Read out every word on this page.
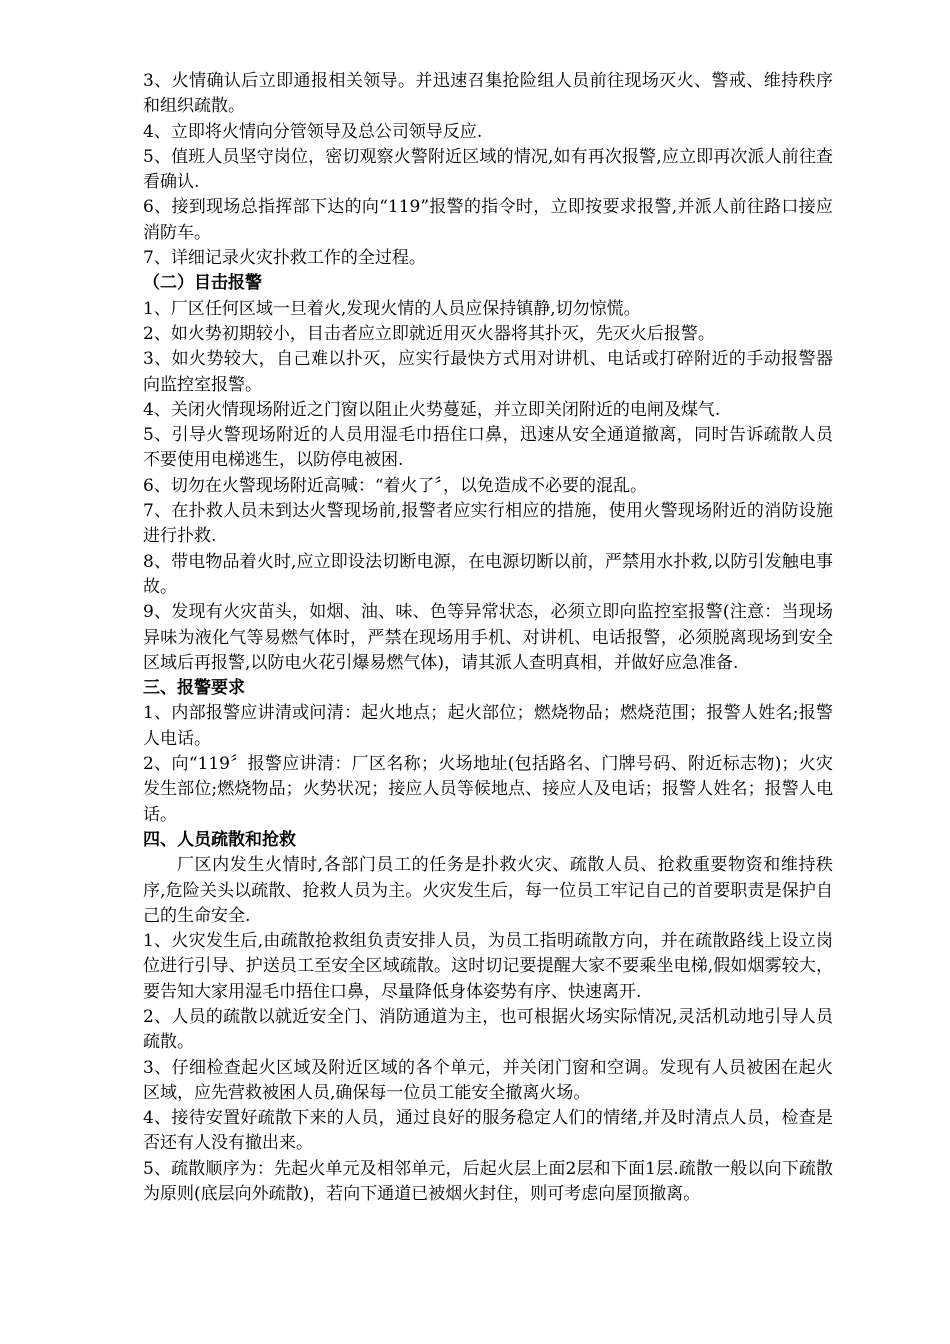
3、火情确认后立即通报相关领导。并迅速召集抢险组人员前往现场灭火、警戒、维持秩序和组织疏散。

4、立即将火情向分管领导及总公司领导反应.

5、值班人员坚守岗位，密切观察火警附近区域的情况,如有再次报警,应立即再次派人前往查看确认.

6、接到现场总指挥部下达的向“119”报警的指令时，立即按要求报警,并派人前往路口接应消防车。

7、详细记录火灾扑救工作的全过程。

（二）目击报警

1、厂区任何区域一旦着火,发现火情的人员应保持镇静,切勿惊慌。

2、如火势初期较小，目击者应立即就近用灭火器将其扑灭，先灭火后报警。

3、如火势较大，自己难以扑灭，应实行最快方式用对讲机、电话或打碎附近的手动报警器向监控室报警。

4、关闭火情现场附近之门窗以阻止火势蔓延，并立即关闭附近的电闸及煤气.

5、引导火警现场附近的人员用湿毛巾捂住口鼻，迅速从安全通道撤离，同时告诉疏散人员不要使用电梯逃生，以防停电被困.

6、切勿在火警现场附近高喊：“着火了〞，以免造成不必要的混乱。

7、在扑救人员未到达火警现场前,报警者应实行相应的措施，使用火警现场附近的消防设施进行扑救.

8、带电物品着火时,应立即设法切断电源，在电源切断以前，严禁用水扑救,以防引发触电事故。

9、发现有火灾苗头，如烟、油、味、色等异常状态，必须立即向监控室报警(注意：当现场异味为液化气等易燃气体时，严禁在现场用手机、对讲机、电话报警，必须脱离现场到安全区域后再报警,以防电火花引爆易燃气体)，请其派人查明真相，并做好应急准备.

三、报警要求

1、内部报警应讲清或问清：起火地点；起火部位；燃烧物品；燃烧范围；报警人姓名;报警人电话。

2、向“119〞报警应讲清：厂区名称；火场地址(包括路名、门牌号码、附近标志物)；火灾发生部位;燃烧物品；火势状况；接应人员等候地点、接应人及电话；报警人姓名；报警人电话。

四、人员疏散和抢救

厂区内发生火情时,各部门员工的任务是扑救火灾、疏散人员、抢救重要物资和维持秩序,危险关头以疏散、抢救人员为主。火灾发生后，每一位员工牢记自己的首要职责是保护自己的生命安全.

1、火灾发生后,由疏散抢救组负责安排人员，为员工指明疏散方向，并在疏散路线上设立岗位进行引导、护送员工至安全区域疏散。这时切记要提醒大家不要乘坐电梯,假如烟雾较大，要告知大家用湿毛巾捂住口鼻，尽量降低身体姿势有序、快速离开.

2、人员的疏散以就近安全门、消防通道为主，也可根据火场实际情况,灵活机动地引导人员疏散。

3、仔细检查起火区域及附近区域的各个单元，并关闭门窗和空调。发现有人员被困在起火区域，应先营救被困人员,确保每一位员工能安全撤离火场。

4、接待安置好疏散下来的人员，通过良好的服务稳定人们的情绪,并及时清点人员，检查是否还有人没有撤出来。

5、疏散顺序为：先起火单元及相邻单元，后起火层上面2层和下面1层.疏散一般以向下疏散为原则(底层向外疏散)，若向下通道已被烟火封住，则可考虑向屋顶撤离。
